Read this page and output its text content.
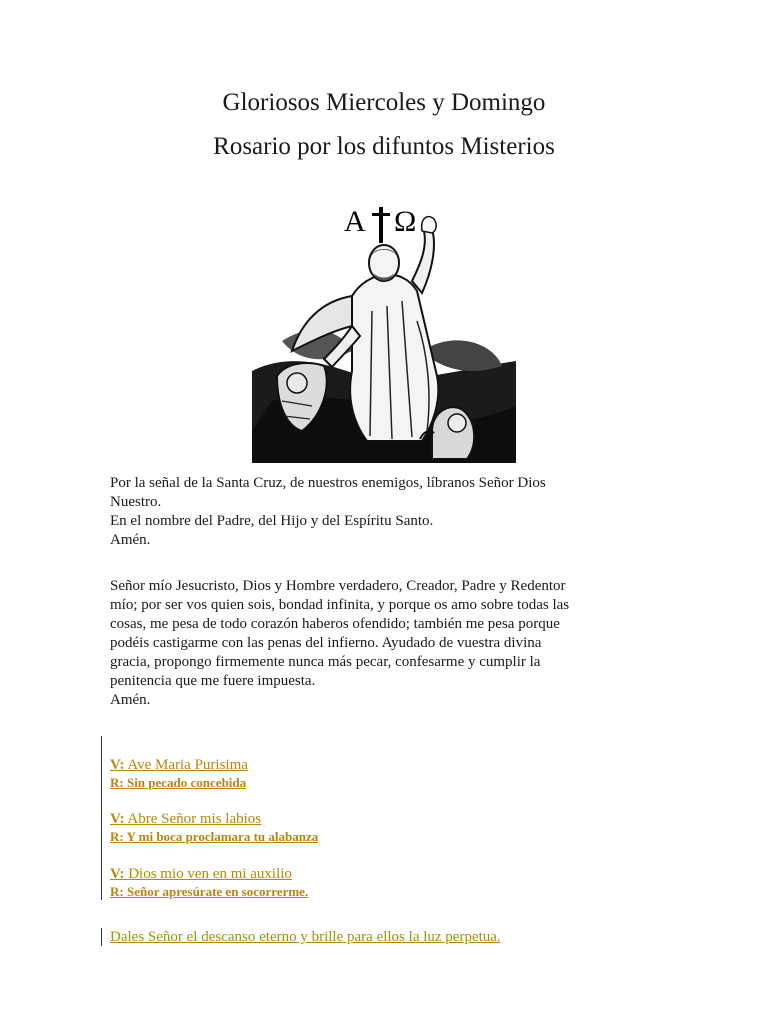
Gloriosos Miercoles y Domingo
Rosario por los difuntos Misterios
A Ω
Por la señal de la Santa Cruz, de nuestros enemigos, líbranos Señor Dios
Nuestro.
En el nombre del Padre, del Hijo y del Espíritu Santo.
Amén.
Señor mío Jesucristo, Dios y Hombre verdadero, Creador, Padre y Redentor
mío; por ser vos quien sois, bondad infinita, y porque os amo sobre todas las
cosas, me pesa de todo corazón haberos ofendido; también me pesa porque
podéis castigarme con las penas del infierno. Ayudado de vuestra divina
gracia, propongo firmemente nunca más pecar, confesarme y cumplir la
penitencia que me fuere impuesta.
Amén.
V: Ave Maria Purisima
R: Sin pecado concebida
V: Abre Señor mis labios
R: Y mi boca proclamara tu alabanza
V: Dios mio ven en mi auxilio
R: Señor apresúrate en socorrerme.
Dales Señor el descanso eterno y brille para ellos la luz perpetua.
